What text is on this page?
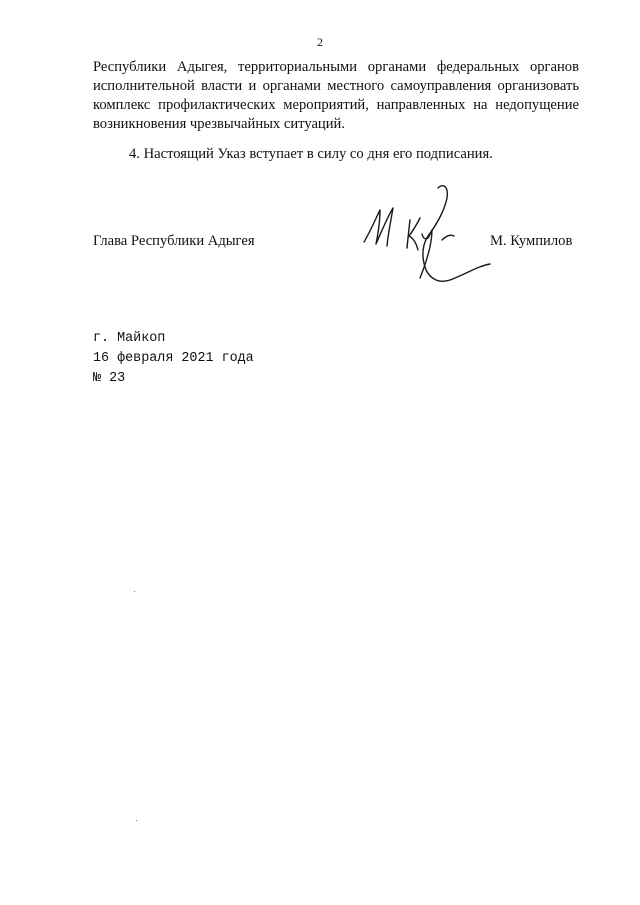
2

Республики Адыгея, территориальными органами федеральных органов исполнительной власти и органами местного самоуправления организовать комплекс профилактических мероприятий, направленных на недопущение возникновения чрезвычайных ситуаций.

4. Настоящий Указ вступает в силу со дня его подписания.

Глава Республики Адыгея	М. Кумпилов
г. Майкоп
16 февраля 2021 года
№ 23
